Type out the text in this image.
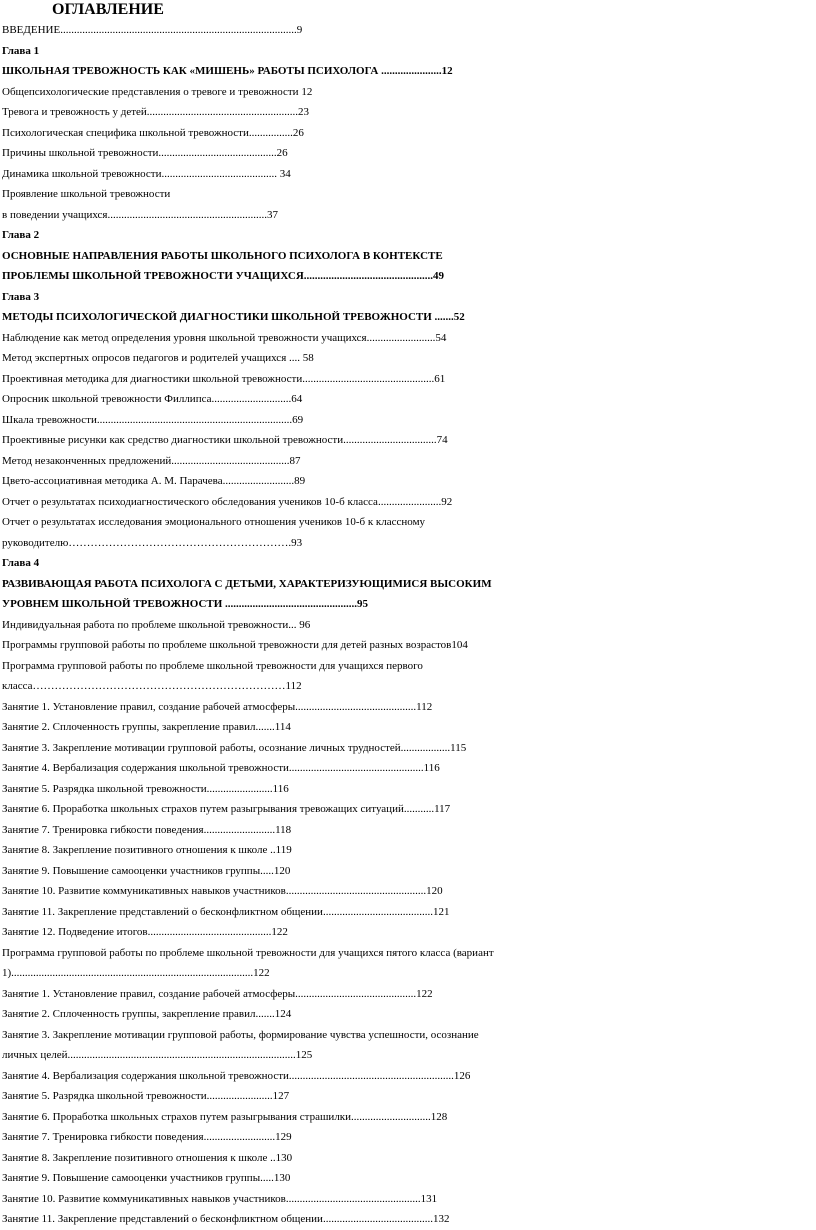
ОГЛАВЛЕНИЕ
ВВЕДЕНИЕ......................................................................................9
Глава 1
ШКОЛЬНАЯ ТРЕВОЖНОСТЬ КАК «МИШЕНЬ» РАБОТЫ ПСИХОЛОГА ......................12
Общепсихологические представления о тревоге и тревожности 12
Тревога и тревожность у детей.......................................................23
Психологическая специфика школьной тревожности................26
Причины школьной тревожности...........................................26
Динамика школьной тревожности.......................................... 34
Проявление школьной тревожности
в поведении учащихся..........................................................37
Глава 2
ОСНОВНЫЕ НАПРАВЛЕНИЯ РАБОТЫ ШКОЛЬНОГО ПСИХОЛОГА В КОНТЕКСТЕ
ПРОБЛЕМЫ ШКОЛЬНОЙ ТРЕВОЖНОСТИ УЧАЩИХСЯ...............................................49
Глава 3
МЕТОДЫ ПСИХОЛОГИЧЕСКОЙ ДИАГНОСТИКИ ШКОЛЬНОЙ ТРЕВОЖНОСТИ .......52
Наблюдение как метод определения уровня школьной тревожности учащихся.........................54
Метод экспертных опросов педагогов и родителей учащихся .... 58
Проективная методика для диагностики школьной тревожности................................................61
Опросник школьной тревожности Филлипса.............................64
Шкала тревожности.......................................................................69
Проективные рисунки как средство диагностики школьной тревожности..................................74
Метод незаконченных предложений...........................................87
Цвето-ассоциативная методика А. М. Парачева..........................89
Отчет о результатах психодиагностического обследования учеников 10-б класса.......................92
Отчет о результатах исследования эмоционального отношения учеников 10-б к классному
руководителю…………………………………………………….93
Глава 4
РАЗВИВАЮЩАЯ РАБОТА ПСИХОЛОГА С ДЕТЬМИ, ХАРАКТЕРИЗУЮЩИМИСЯ ВЫСОКИМ
УРОВНЕМ ШКОЛЬНОЙ ТРЕВОЖНОСТИ ................................................95
Индивидуальная работа по проблеме школьной тревожности... 96
Программы групповой работы по проблеме школьной тревожности для детей разных возрастов104
Программа групповой работы по проблеме школьной тревожности для учащихся первого
класса……………………………………………………………112
Занятие 1. Установление правил, создание рабочей атмосферы............................................112
Занятие 2. Сплоченность группы, закрепление правил.......114
Занятие 3. Закрепление мотивации групповой работы, осознание личных трудностей..................115
Занятие 4. Вербализация содержания школьной тревожности.................................................116
Занятие 5. Разрядка школьной тревожности........................116
Занятие 6. Проработка школьных страхов путем разыгрывания тревожащих ситуаций...........117
Занятие 7. Тренировка гибкости поведения..........................118
Занятие 8. Закрепление позитивного отношения к школе ..119
Занятие 9. Повышение самооценки участников группы.....120
Занятие 10. Развитие коммуникативных навыков участников...................................................120
Занятие 11. Закрепление представлений о бесконфликтном общении........................................121
Занятие 12. Подведение итогов.............................................122
Программа групповой работы по проблеме школьной тревожности для учащихся пятого класса (вариант
1)........................................................................................122
Занятие 1. Установление правил, создание рабочей атмосферы............................................122
Занятие 2. Сплоченность группы, закрепление правил.......124
Занятие 3. Закрепление мотивации групповой работы, формирование чувства успешности, осознание
личных целей...................................................................................125
Занятие 4. Вербализация содержания школьной тревожности............................................................126
Занятие 5. Разрядка школьной тревожности........................127
Занятие 6. Проработка школьных страхов путем разыгрывания страшилки.............................128
Занятие 7. Тренировка гибкости поведения..........................129
Занятие 8. Закрепление позитивного отношения к школе ..130
Занятие 9. Повышение самооценки участников группы.....130
Занятие 10. Развитие коммуникативных навыков участников.................................................131
Занятие 11. Закрепление представлений о бесконфликтном общении........................................132
